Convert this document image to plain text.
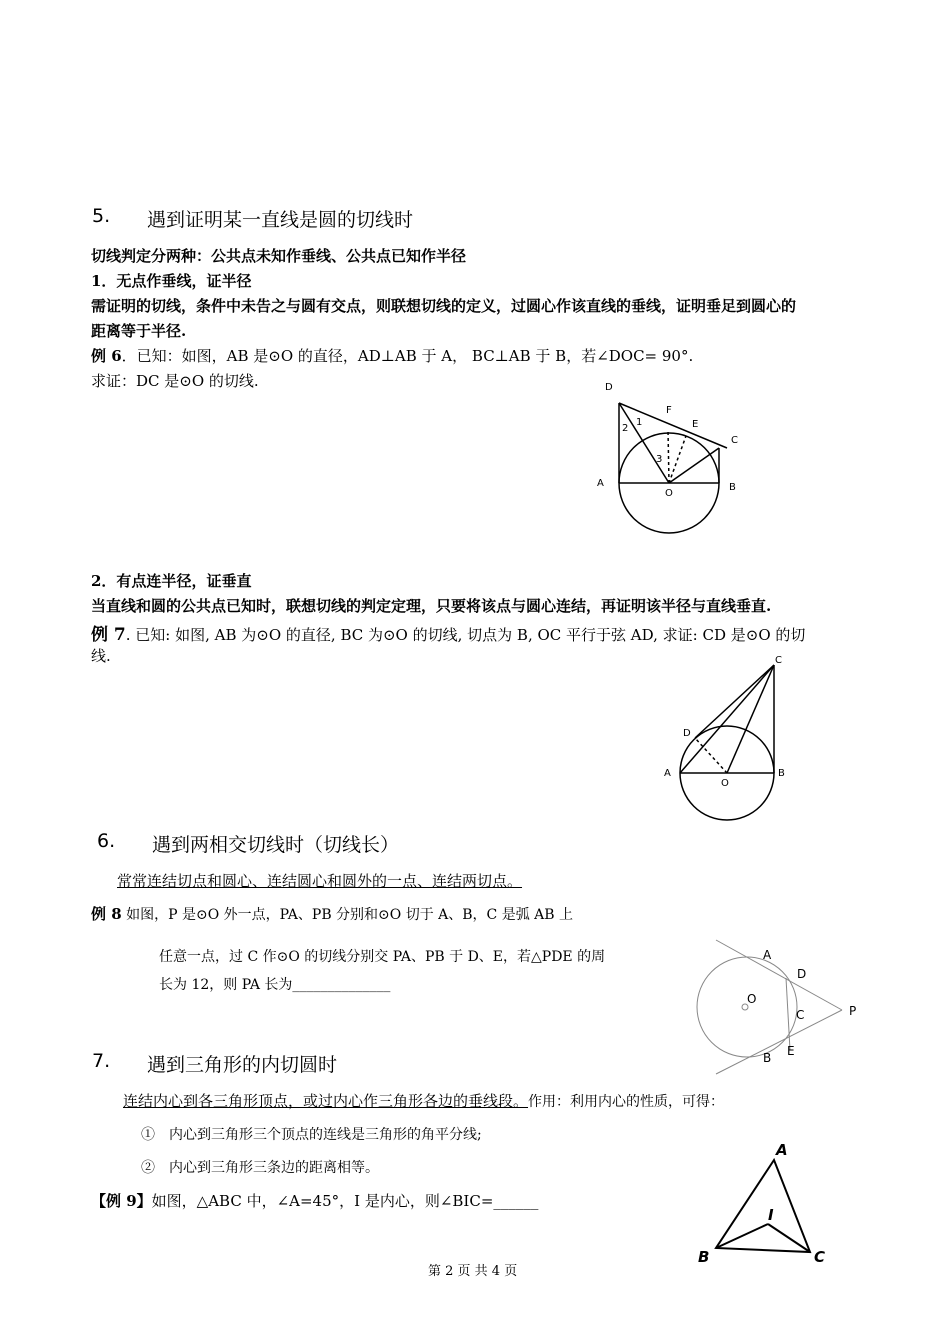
5. 遇到证明某一直线是圆的切线时
切线判定分两种：公共点未知作垂线、公共点已知作半径
1．无点作垂线，证半径
需证明的切线，条件中未告之与圆有交点，则联想切线的定义，过圆心作该直线的垂线，证明垂足到圆心的
距离等于半径.
例 6．已知：如图，AB 是⊙O 的直径，AD⊥AB 于 A， BC⊥AB 于 B，若∠DOC= 90°.
求证：DC 是⊙O 的切线.	D
F
E
C
1
2
3
A
O
B
2．有点连半径，证垂直
当直线和圆的公共点已知时，联想切线的判定定理，只要将该点与圆心连结，再证明该半径与直线垂直.
例 7. 已知: 如图, AB 为⊙O 的直径, BC 为⊙O 的切线, 切点为 B, OC 平行于弦 AD, 求证: CD 是⊙O 的切
线.	C
D
A
O
B
6. 遇到两相交切线时（切线长）
常常连结切点和圆心、连结圆心和圆外的一点、连结两切点。
例 8 如图，P 是⊙O 外一点，PA、PB 分别和⊙O 切于 A、B，C 是弧 AB 上
任意一点，过 C 作⊙O 的切线分别交 PA、PB 于 D、E，若△PDE 的周
长为 12，则 PA 长为______________
A
D
O
C	P
E
B
7. 遇到三角形的内切圆时
连结内心到各三角形顶点，或过内心作三角形各边的垂线段。作用：利用内心的性质，可得：
①　内心到三角形三个顶点的连线是三角形的角平分线;
②　内心到三角形三条边的距离相等。
【例 9】如图，△ABC 中，∠A=45°，I 是内心，则∠BIC=______
A
I
B	C
第 2 页 共 4 页
